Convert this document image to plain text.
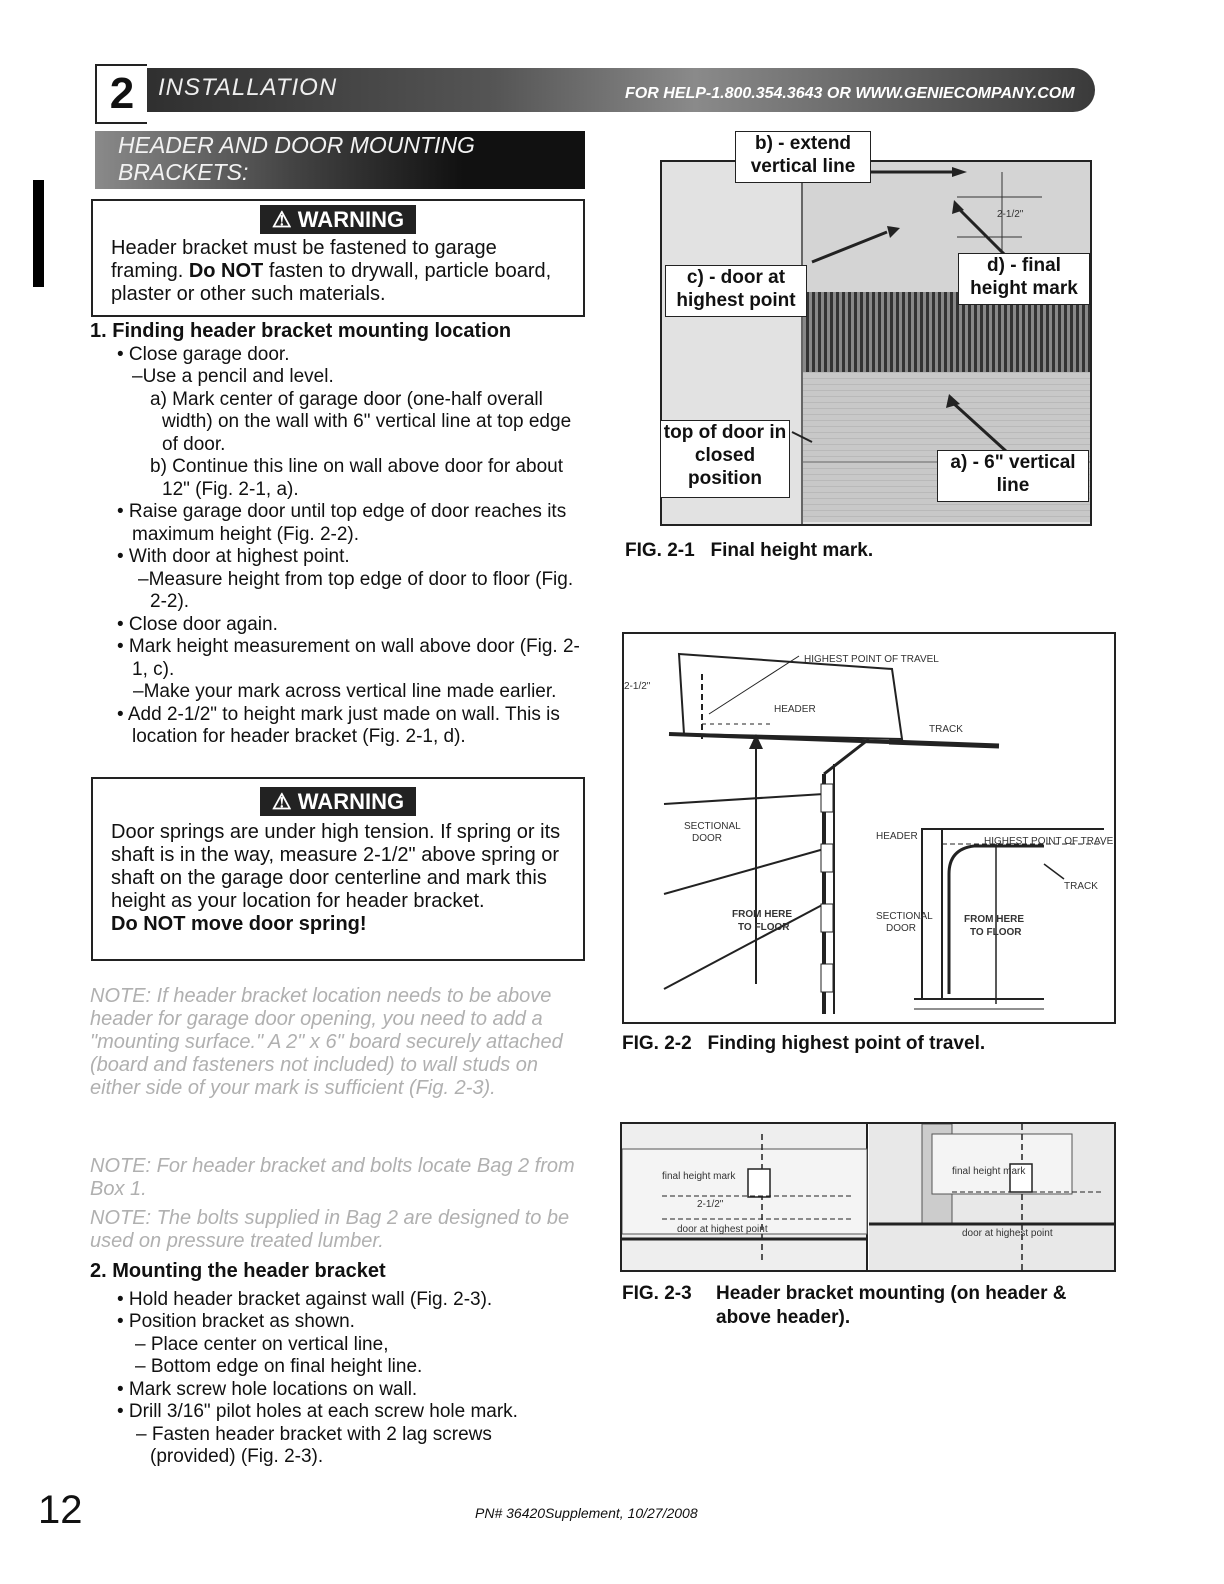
2 INSTALLATION	FOR HELP-1.800.354.3643 OR WWW.GENIECOMPANY.COM
HEADER AND DOOR MOUNTING BRACKETS:
⚠ WARNING
Header bracket must be fastened to garage framing. Do NOT fasten to drywall, particle board, plaster or other such materials.
1. Finding header bracket mounting location
• Close garage door.
–Use a pencil and level.
a) Mark center of garage door (one-half overall width) on the wall with 6" vertical line at top edge of door.
b) Continue this line on wall above door for about 12" (Fig. 2-1, a).
• Raise garage door until top edge of door reaches its maximum height (Fig. 2-2).
• With door at highest point.
–Measure height from top edge of door to floor (Fig. 2-2).
• Close door again.
• Mark height measurement on wall above door (Fig. 2-1, c).
–Make your mark across vertical line made earlier.
• Add 2-1/2" to height mark just made on wall. This is location for header bracket (Fig. 2-1, d).
⚠ WARNING
Door springs are under high tension. If spring or its shaft is in the way, measure 2-1/2" above spring or shaft on the garage door centerline and mark this height as your location for header bracket.
Do NOT move door spring!
NOTE: If header bracket location needs to be above header for garage door opening, you need to add a "mounting surface." A 2" x 6" board securely attached (board and fasteners not included) to wall studs on either side of your mark is sufficient (Fig. 2-3).
NOTE: For header bracket and bolts locate Bag 2 from Box 1.
NOTE: The bolts supplied in Bag 2 are designed to be used on pressure treated lumber.
2. Mounting the header bracket
• Hold header bracket against wall (Fig. 2-3).
• Position bracket as shown.
– Place center on vertical line,
– Bottom edge on final height line.
• Mark screw hole locations on wall.
• Drill 3/16" pilot holes at each screw hole mark.
– Fasten header bracket with 2 lag screws (provided) (Fig. 2-3).
2-1/2"
b) - extend vertical line
c) - door at highest point
d) - final height mark
top of door in closed position
a) - 6" vertical line
FIG. 2-1 Final height mark.
HIGHEST POINT OF TRAVEL
2-1/2"
HEADER
TRACK
SECTIONAL
DOOR
FROM HERE
TO FLOOR
HEADER	HIGHEST POINT OF TRAVEL
TRACK
SECTIONAL
DOOR
FROM HERE
TO FLOOR
FIG. 2-2 Finding highest point of travel.
final height mark
2-1/2"
door at highest point
final height mark
door at highest point
FIG. 2-3 Header bracket mounting (on header & above header).
12	PN# 36420Supplement, 10/27/2008
